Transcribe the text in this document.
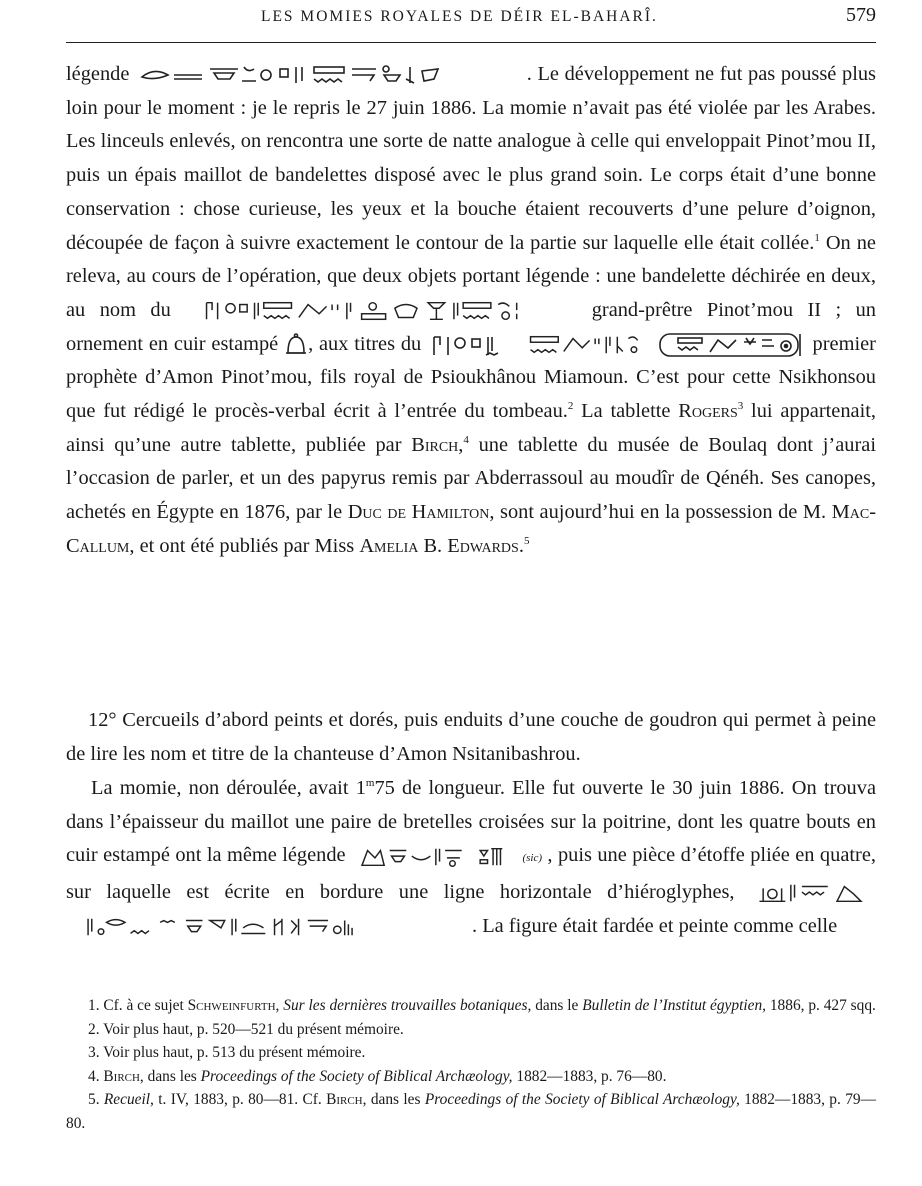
LES MOMIES ROYALES DE DÉIR EL-BAHARÎ.	579
légende	. Le développement ne fut pas poussé plus loin pour le moment : je le repris le 27 juin 1886. La momie n’avait pas été violée par les Arabes. Les linceuls enlevés, on rencontra une sorte de natte analogue à celle qui enveloppait Pinot’mou II, puis un épais maillot de bandelettes disposé avec le plus grand soin. Le corps était d’une bonne conservation : chose curieuse, les yeux et la bouche étaient recouverts d’une pelure d’oignon, découpée de façon à suivre exactement le contour de la partie sur laquelle elle était collée.$^1$ On ne releva, au cours de l’opération, que deux objets portant légende : une bandelette déchirée en deux, au nom du	grand-prêtre Pinot’mou II ; un ornement en cuir estampé , aux titres du
	premier prophète d’Amon Pinot’mou, fils royal de Psioukhânou Miamoun. C’est pour cette Nsikhonsou que fut rédigé le procès-verbal écrit à l’entrée du tombeau.$^2$ La tablette Rogers$^3$ lui appartenait, ainsi qu’une autre tablette, publiée par Birch,$^4$ une tablette du musée de Boulaq dont j’aurai l’occasion de parler, et un des papyrus remis par Abderrassoul au moudîr de Qénéh. Ses canopes, achetés en Égypte en 1876, par le Duc de Hamilton, sont aujourd’hui en la possession de M. Mac-Callum, et ont été publiés par Miss Amelia B. Edwards.$^5$
12° Cercueils d’abord peints et dorés, puis enduits d’une couche de goudron qui permet à peine de lire les nom et titre de la chanteuse d’Amon Nsitanibashrou.
La momie, non déroulée, avait 1$^m$75 de longueur. Elle fut ouverte le 30 juin 1886. On trouva dans l’épaisseur du maillot une paire de bretelles croisées sur la poitrine, dont les quatre bouts en cuir estampé ont la même légende	(sic) , puis une pièce d’étoffe pliée en quatre, sur laquelle est écrite en bordure une ligne horizontale d’hiéroglyphes,

. La figure était fardée et peinte comme celle

1. Cf. à ce sujet Schweinfurth, Sur les dernières trouvailles botaniques, dans le Bulletin de l’Institut égyptien, 1886, p. 427 sqq.

2. Voir plus haut, p. 520—521 du présent mémoire.

3. Voir plus haut, p. 513 du présent mémoire.

4. Birch, dans les Proceedings of the Society of Biblical Archæology, 1882—1883, p. 76—80.

5. Recueil, t. IV, 1883, p. 80—81. Cf. Birch, dans les Proceedings of the Society of Biblical Archæology, 1882—1883, p. 79—80.
